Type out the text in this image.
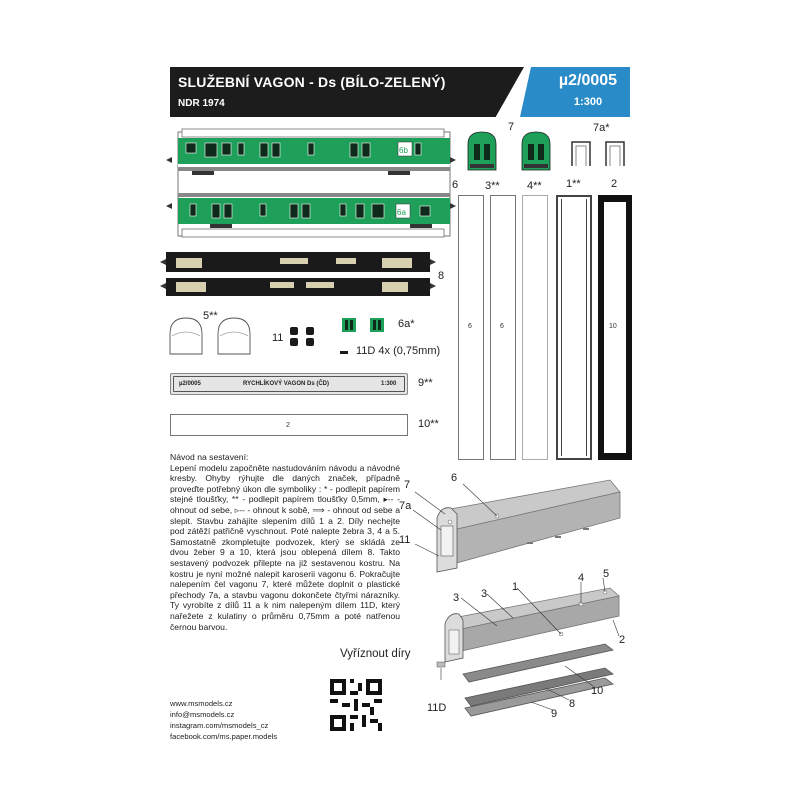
SLUŽEBNÍ VAGON - Ds (BÍLO-ZELENÝ)
NDR 1974
µ2/0005
1:300
6b
6a
8
7	7a*
6 3** 4** 1**	2
6	6	10
5**
11
6a*
11D 4x (0,75mm)
µ2/0005	RYCHLÍKOVÝ VAGON Ds (ČD)	1:300 9**
2	10**
Návod na sestavení:
Lepení modelu započněte nastudováním návodu a návodné kresby. Ohyby rýhujte dle daných značek, případně proveďte potřebný úkon dle symboliky : * - podlepit papírem stejné tloušťky, ** - podlepit papírem tloušťky 0,5mm, ▸-- - ohnout od sebe, ▹-- - ohnout k sobě, ⟹ - ohnout od sebe a slepit. Stavbu zahájíte slepením dílů 1 a 2. Díly nechejte pod zátěží patřičně vyschnout. Poté nalepte žebra 3, 4 a 5. Samostatně zkompletujte podvozek, který se skládá ze dvou žeber 9 a 10, která jsou oblepená dílem 8. Takto sestavený podvozek přilepte na již sestavenou kostru. Na kostru je nyní možné nalepit karoserii vagonu 6. Pokračujte nalepením čel vagonu 7, které můžete doplnit o plastické přechody 7a, a stavbu vagonu dokončete čtyřmi nárazníky. Ty vyrobíte z dílů 11 a k nim nalepeným dílem 11D, který nařežete z kulatiny o průměru 0,75mm a poté natřenou černou barvou.
7
7a
6
11
3 3
1
4 5
2
10
8
9
11D
Vyříznout díry
www.msmodels.cz
info@msmodels.cz
instagram.com/msmodels_cz
facebook.com/ms.paper.models
